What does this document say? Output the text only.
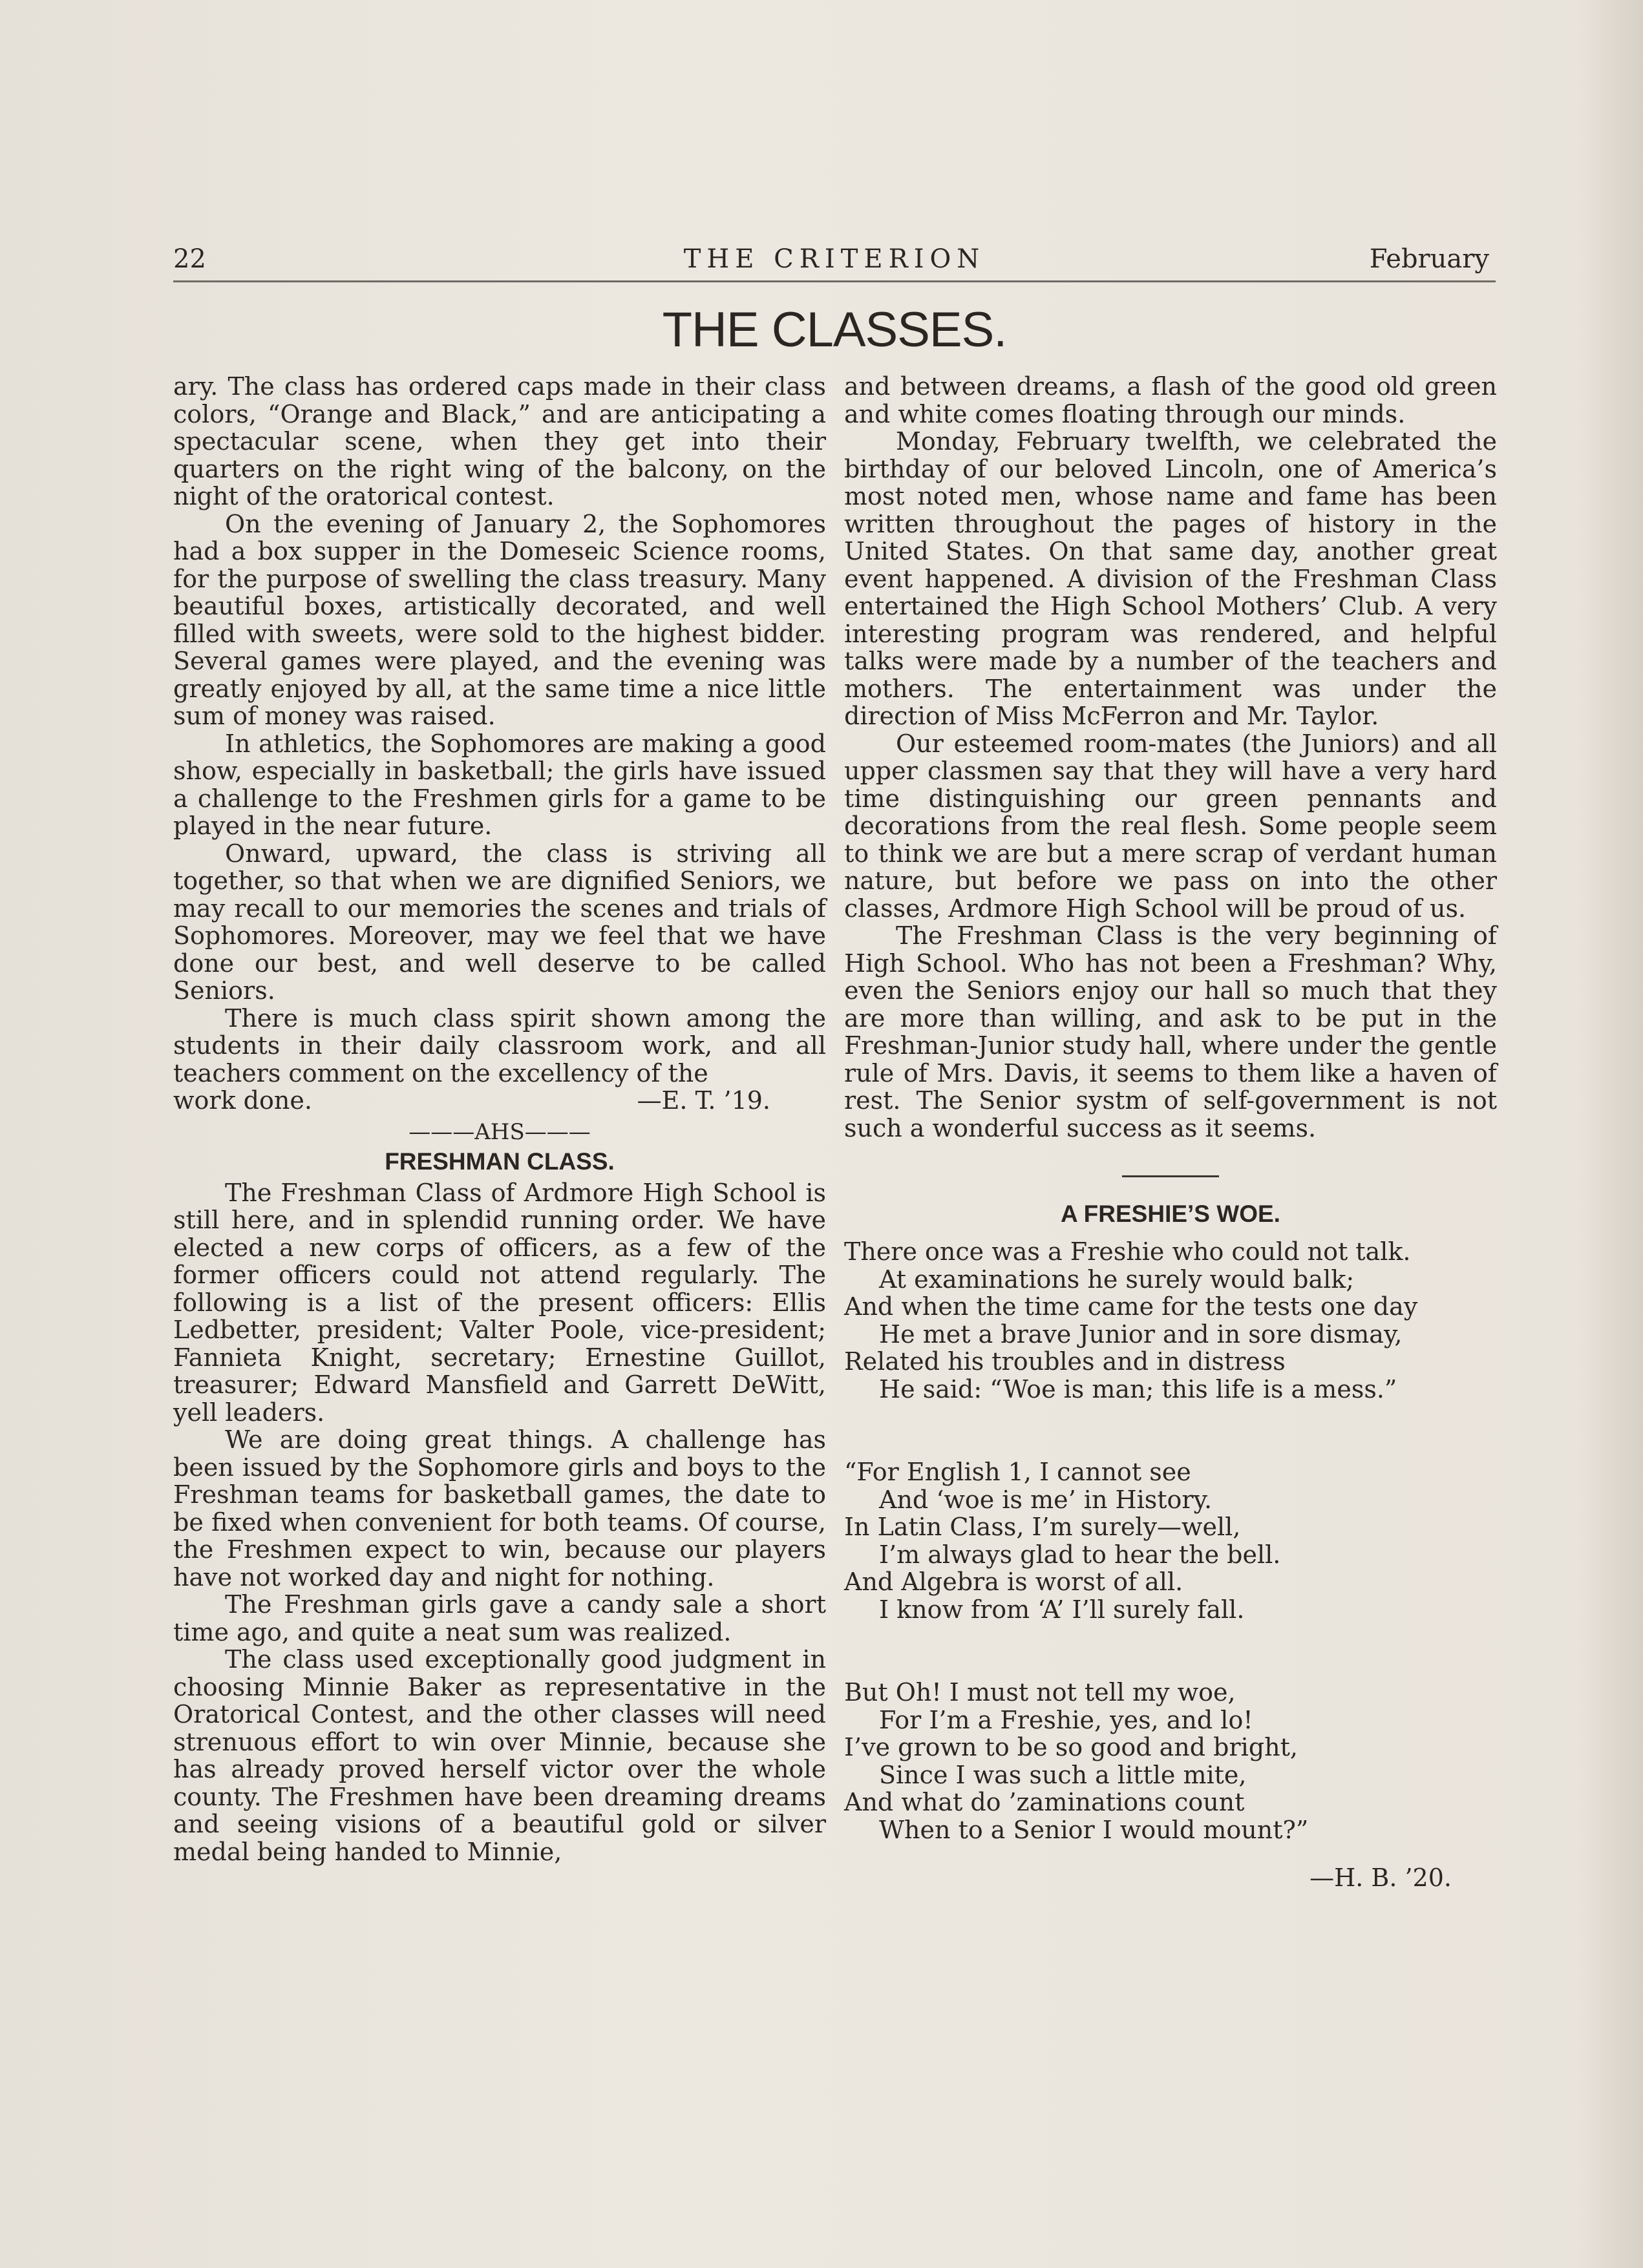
THE CRITERION
22	February
THE CLASSES.

ary. The class has ordered caps made in their class colors, “Orange and Black,” and are anticipating a spectacular scene, when they get into their quarters on the right wing of the balcony, on the night of the oratorical contest.

On the evening of January 2, the Sophomores had a box supper in the Domeseic Science rooms, for the purpose of swelling the class treasury. Many beautiful boxes, artistically decorated, and well filled with sweets, were sold to the highest bidder. Several games were played, and the evening was greatly enjoyed by all, at the same time a nice little sum of money was raised.

In athletics, the Sophomores are making a good show, especially in basketball; the girls have issued a challenge to the Freshmen girls for a game to be played in the near future.

Onward, upward, the class is striving all together, so that when we are dignified Seniors, we may recall to our memories the scenes and trials of Sophomores. Moreover, may we feel that we have done our best, and well deserve to be called Seniors.

There is much class spirit shown among the students in their daily classroom work, and all teachers comment on the excellency of the

work done.	—E. T. ’19.
———AHS———
FRESHMAN CLASS.

The Freshman Class of Ardmore High School is still here, and in splendid running order. We have elected a new corps of officers, as a few of the former officers could not attend regularly. The following is a list of the present officers: Ellis Ledbetter, president; Valter Poole, vice-president; Fannieta Knight, secretary; Ernestine Guillot, treasurer; Edward Mansfield and Garrett DeWitt, yell leaders.

We are doing great things. A challenge has been issued by the Sophomore girls and boys to the Freshman teams for basketball games, the date to be fixed when convenient for both teams. Of course, the Freshmen expect to win, because our players have not worked day and night for nothing.

The Freshman girls gave a candy sale a short time ago, and quite a neat sum was realized.

The class used exceptionally good judgment in choosing Minnie Baker as representative in the Oratorical Contest, and the other classes will need strenuous effort to win over Minnie, because she has already proved herself victor over the whole county. The Freshmen have been dreaming dreams and seeing visions of a beautiful gold or silver medal being handed to Minnie,

and between dreams, a flash of the good old green and white comes floating through our minds.

Monday, February twelfth, we celebrated the birthday of our beloved Lincoln, one of America’s most noted men, whose name and fame has been written throughout the pages of history in the United States. On that same day, another great event happened. A division of the Freshman Class entertained the High School Mothers’ Club. A very interesting program was rendered, and helpful talks were made by a number of the teachers and mothers. The entertainment was under the direction of Miss McFerron and Mr. Taylor.

Our esteemed room-mates (the Juniors) and all upper classmen say that they will have a very hard time distinguishing our green pennants and decorations from the real flesh. Some people seem to think we are but a mere scrap of verdant human nature, but before we pass on into the other classes, Ardmore High School will be proud of us.

The Freshman Class is the very beginning of High School. Who has not been a Freshman? Why, even the Seniors enjoy our hall so much that they are more than willing, and ask to be put in the Freshman-Junior study hall, where under the gentle rule of Mrs. Davis, it seems to them like a haven of rest. The Senior systm of self-government is not such a wonderful success as it seems.

A FRESHIE’S WOE.
There once was a Freshie who could not talk.
At examinations he surely would balk;
And when the time came for the tests one day
He met a brave Junior and in sore dismay,
Related his troubles and in distress
He said: “Woe is man; this life is a mess.”
“For English 1, I cannot see
And ‘woe is me’ in History.
In Latin Class, I’m surely—well,
I’m always glad to hear the bell.
And Algebra is worst of all.
I know from ‘A’ I’ll surely fall.
But Oh! I must not tell my woe,
For I’m a Freshie, yes, and lo!
I’ve grown to be so good and bright,
Since I was such a little mite,
And what do ’zaminations count
When to a Senior I would mount?”
—H. B. ’20.
